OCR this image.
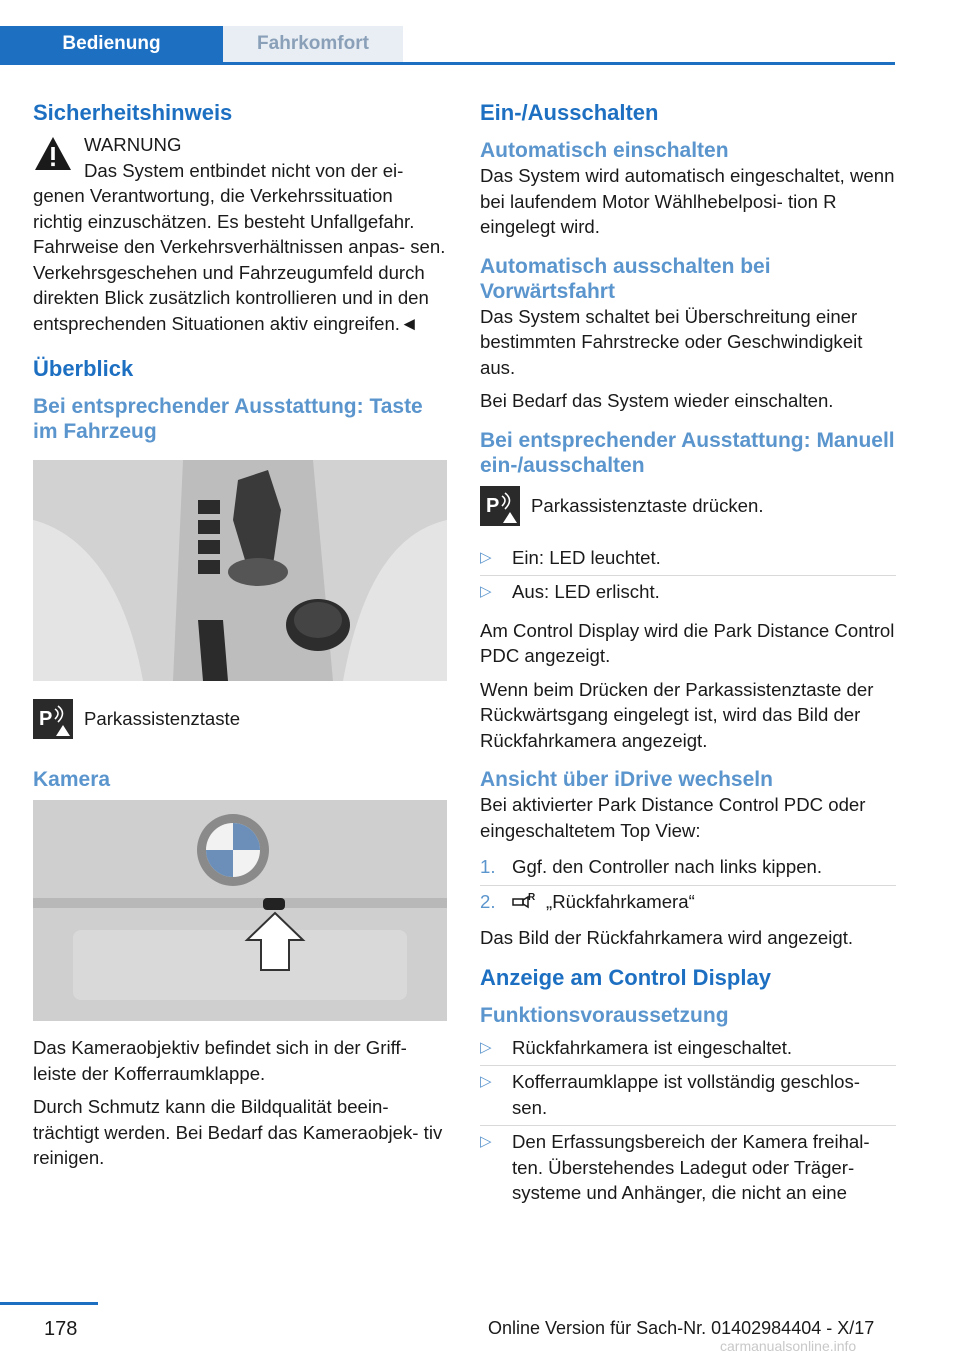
Bedienung	Fahrkomfort
Sicherheitshinweis

WARNUNG

Das System entbindet nicht von der ei-

genen Verantwortung, die Verkehrssituation richtig einzuschätzen. Es besteht Unfallgefahr. Fahrweise den Verkehrsverhältnissen anpas- sen. Verkehrsgeschehen und Fahrzeugumfeld durch direkten Blick zusätzlich kontrollieren und in den entsprechenden Situationen aktiv eingreifen.◄

Überblick
Bei entsprechender Ausstattung: Taste im Fahrzeug
P Parkassistenztaste
Kamera

Das Kameraobjektiv befindet sich in der Griff- leiste der Kofferraumklappe.

Durch Schmutz kann die Bildqualität beein- trächtigt werden. Bei Bedarf das Kameraobjek- tiv reinigen.

Ein-/Ausschalten
Automatisch einschalten

Das System wird automatisch eingeschaltet, wenn bei laufendem Motor Wählhebelposi- tion R eingelegt wird.

Automatisch ausschalten bei Vorwärtsfahrt

Das System schaltet bei Überschreitung einer bestimmten Fahrstrecke oder Geschwindigkeit aus.

Bei Bedarf das System wieder einschalten.

Bei entsprechender Ausstattung: Manuell ein-/ausschalten
P Parkassistenztaste drücken.
▷ Ein: LED leuchtet.
▷ Aus: LED erlischt.

Am Control Display wird die Park Distance Control PDC angezeigt.

Wenn beim Drücken der Parkassistenztaste der Rückwärtsgang eingelegt ist, wird das Bild der Rückfahrkamera angezeigt.

Ansicht über iDrive wechseln

Bei aktivierter Park Distance Control PDC oder eingeschaltetem Top View:

1. Ggf. den Controller nach links kippen.
2.	R „Rückfahrkamera“

Das Bild der Rückfahrkamera wird angezeigt.

Anzeige am Control Display
Funktionsvoraussetzung
▷ Rückfahrkamera ist eingeschaltet.
▷ Kofferraumklappe ist vollständig geschlos- sen.
▷ Den Erfassungsbereich der Kamera freihal- ten. Überstehendes Ladegut oder Träger- systeme und Anhänger, die nicht an eine
178	Online Version für Sach-Nr. 01402984404 - X/17
carmanualsonline.info
